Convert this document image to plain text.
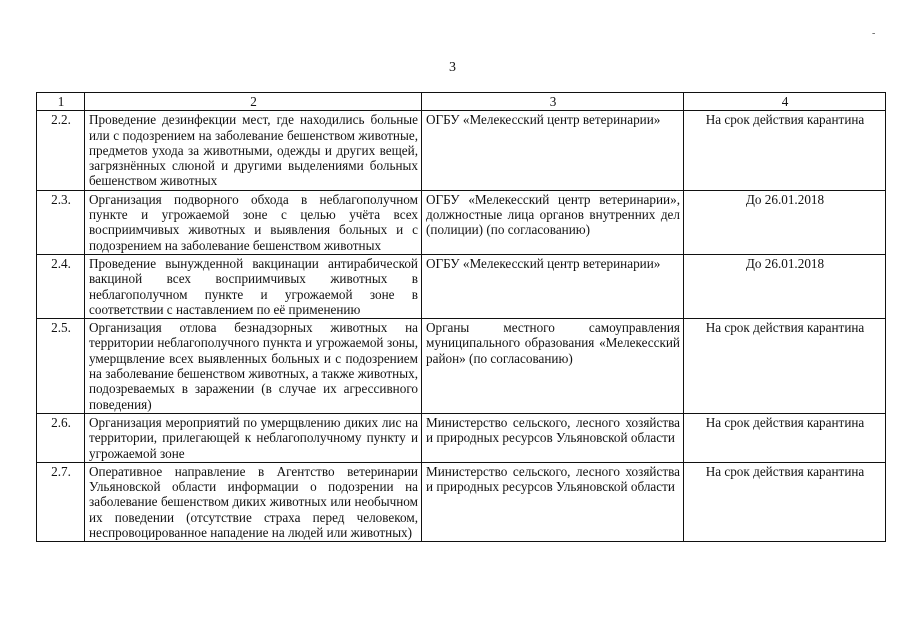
-
3
1	2	3	4
2.2.	Проведение дезинфекции мест, где находились больные или с подозрением на заболевание бешенством животные, предметов ухода за животными, одежды и других вещей, загрязнённых слюной и другими выделениями больных бешенством животных	ОГБУ «Мелекесский центр ветеринарии»	На срок действия карантина
2.3.	Организация подворного обхода в неблагополучном пункте и угрожаемой зоне с целью учёта всех восприимчивых животных и выявления больных и с подозрением на заболевание бешенством животных	ОГБУ «Мелекесский центр ветеринарии», должностные лица органов внутренних дел (полиции) (по согласованию)	До 26.01.2018
2.4.	Проведение вынужденной вакцинации антирабической вакциной всех восприимчивых животных в неблагополучном пункте и угрожаемой зоне в соответствии с наставлением по её применению	ОГБУ «Мелекесский центр ветеринарии»	До 26.01.2018
2.5.	Организация отлова безнадзорных животных на территории неблагополучного пункта и угрожаемой зоны, умерщвление всех выявленных больных и с подозрением на заболевание бешенством животных, а также животных, подозреваемых в заражении (в случае их агрессивного поведения)	Органы местного самоуправления муниципального образования «Мелекесский район» (по согласованию)	На срок действия карантина
2.6.	Организация мероприятий по умерщвлению диких лис на территории, прилегающей к неблагополучному пункту и угрожаемой зоне	Министерство сельского, лесного хозяйства и природных ресурсов Ульяновской области	На срок действия карантина
2.7.	Оперативное направление в Агентство ветеринарии Ульяновской области информации о подозрении на заболевание бешенством диких животных или необычном их поведении (отсутствие страха перед человеком, неспровоцированное нападение на людей или животных)	Министерство сельского, лесного хозяйства и природных ресурсов Ульяновской области	На срок действия карантина
